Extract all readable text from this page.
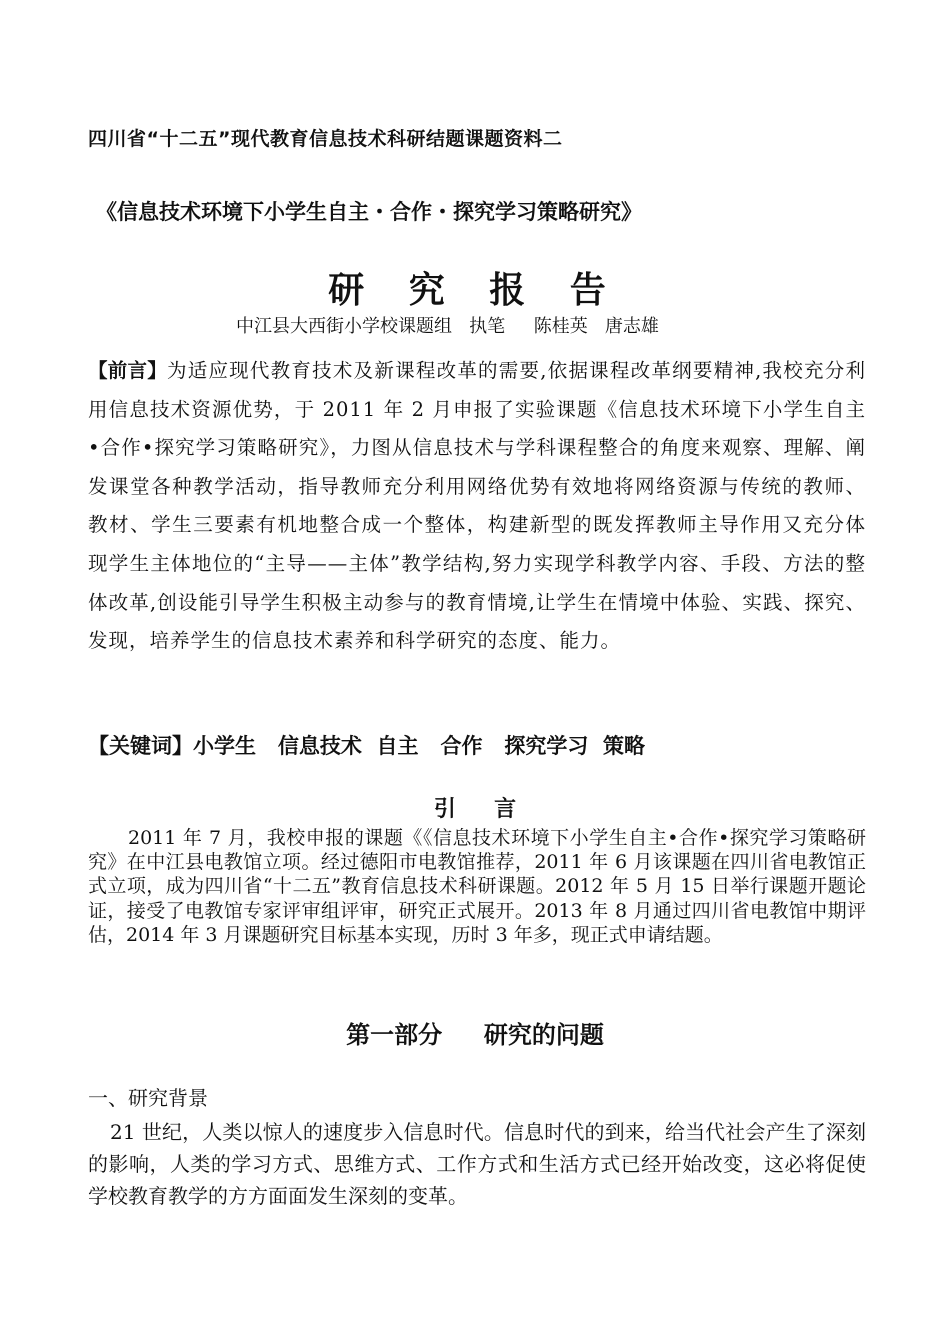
四川省“十二五”现代教育信息技术科研结题课题资料二
《信息技术环境下小学生自主・合作・探究学习策略研究》
研 究 报 告
中江县大西街小学校课题组   执笔     陈桂英   唐志雄
【前言】为适应现代教育技术及新课程改革的需要,依据课程改革纲要精神,我校充分利用信息技术资源优势，于 2011 年 2 月申报了实验课题《信息技术环境下小学生自主•合作•探究学习策略研究》，力图从信息技术与学科课程整合的角度来观察、理解、阐发课堂各种教学活动，指导教师充分利用网络优势有效地将网络资源与传统的教师、教材、学生三要素有机地整合成一个整体，构建新型的既发挥教师主导作用又充分体现学生主体地位的“主导——主体”教学结构,努力实现学科教学内容、手段、方法的整体改革,创设能引导学生积极主动参与的教育情境,让学生在情境中体验、实践、探究、发现，培养学生的信息技术素养和科学研究的态度、能力。
【关键词】小学生   信息技术  自主   合作   探究学习  策略
引     言
2011 年 7 月，我校申报的课题《《信息技术环境下小学生自主•合作•探究学习策略研究》在中江县电教馆立项。经过德阳市电教馆推荐，2011 年 6 月该课题在四川省电教馆正式立项，成为四川省“十二五”教育信息技术科研课题。2012 年 5 月 15 日举行课题开题论证，接受了电教馆专家评审组评审，研究正式展开。2013 年 8 月通过四川省电教馆中期评估，2014 年 3 月课题研究目标基本实现，历时 3 年多，现正式申请结题。
第一部分     研究的问题
一、研究背景
21 世纪，人类以惊人的速度步入信息时代。信息时代的到来，给当代社会产生了深刻的影响，人类的学习方式、思维方式、工作方式和生活方式已经开始改变，这必将促使学校教育教学的方方面面发生深刻的变革。
